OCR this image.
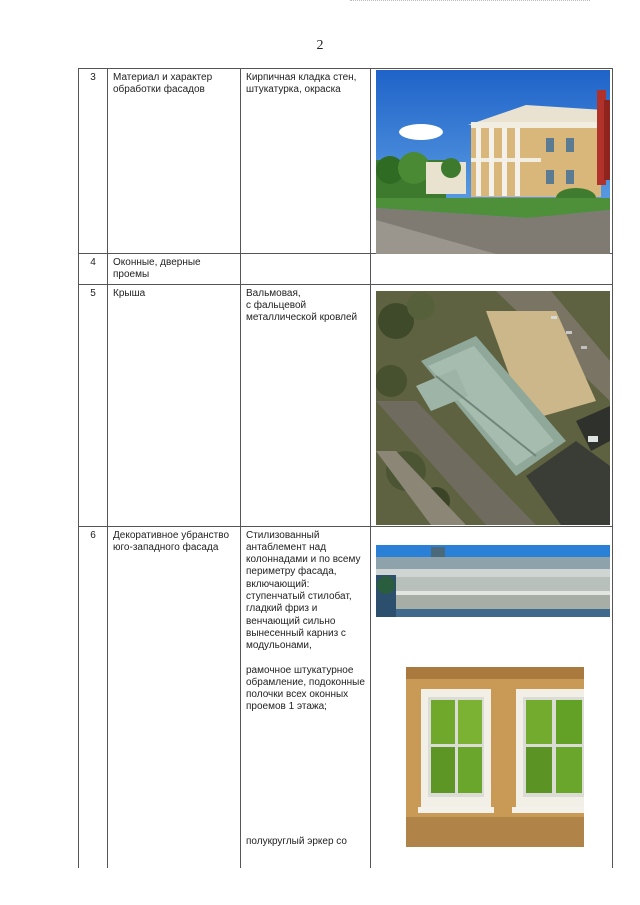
2
3	Материал и характер обработки фасадов	Кирпичная кладка стен, штукатурка, окраска	

4	Оконные, дверные проемы		
5	Крыша	Вальмовая,
с фальцевой
металлической кровлей

6	Декоративное убранство юго-западного фасада	Стилизованный антаблемент над колоннадами и по всему периметру фасада, включающий: ступенчатый стилобат, гладкий фриз и венчающий сильно вынесенный карниз с модульонами,
рамочное штукатурное обрамление, подоконные полочки всех оконных проемов 1 этажа;
полукруглый эркер со
